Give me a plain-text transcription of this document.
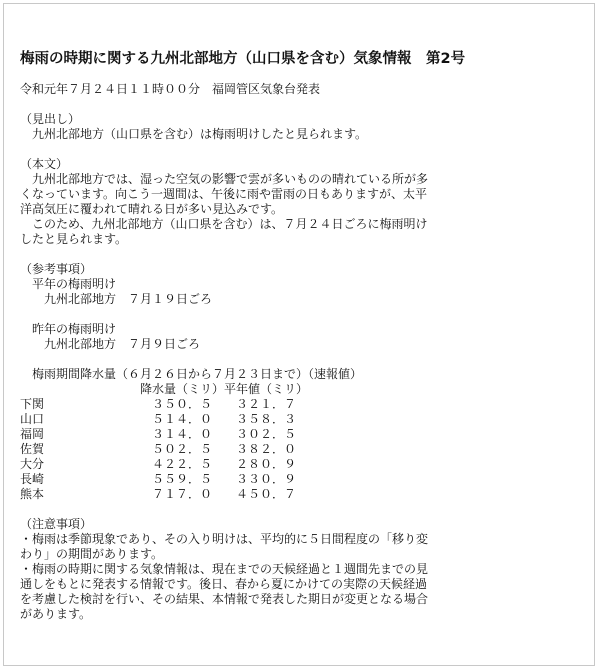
梅雨の時期に関する九州北部地方（山口県を含む）気象情報　第2号

令和元年７月２４日１１時００分　福岡管区気象台発表

（見出し）

　九州北部地方（山口県を含む）は梅雨明けしたと見られます。

（本文）

　九州北部地方では、湿った空気の影響で雲が多いものの晴れている所が多

くなっています。向こう一週間は、午後に雨や雷雨の日もありますが、太平

洋高気圧に覆われて晴れる日が多い見込みです。

　このため、九州北部地方（山口県を含む）は、７月２４日ごろに梅雨明け

したと見られます。

（参考事項）

　平年の梅雨明け

　　九州北部地方　７月１９日ごろ

　昨年の梅雨明け

　　九州北部地方　７月９日ごろ

　梅雨期間降水量（６月２６日から７月２３日まで）（速報値）

　　　　　　　　　　降水量（ミリ）平年値（ミリ）

下関　　　　　　　　　３５０．５　　３２１．７

山口　　　　　　　　　５１４．０　　３５８．３

福岡　　　　　　　　　３１４．０　　３０２．５

佐賀　　　　　　　　　５０２．５　　３８２．０

大分　　　　　　　　　４２２．５　　２８０．９

長崎　　　　　　　　　５５９．５　　３３０．９

熊本　　　　　　　　　７１７．０　　４５０．７

（注意事項）

・梅雨は季節現象であり、その入り明けは、平均的に５日間程度の「移り変

わり」の期間があります。

・梅雨の時期に関する気象情報は、現在までの天候経過と１週間先までの見

通しをもとに発表する情報です。後日、春から夏にかけての実際の天候経過

を考慮した検討を行い、その結果、本情報で発表した期日が変更となる場合

があります。
